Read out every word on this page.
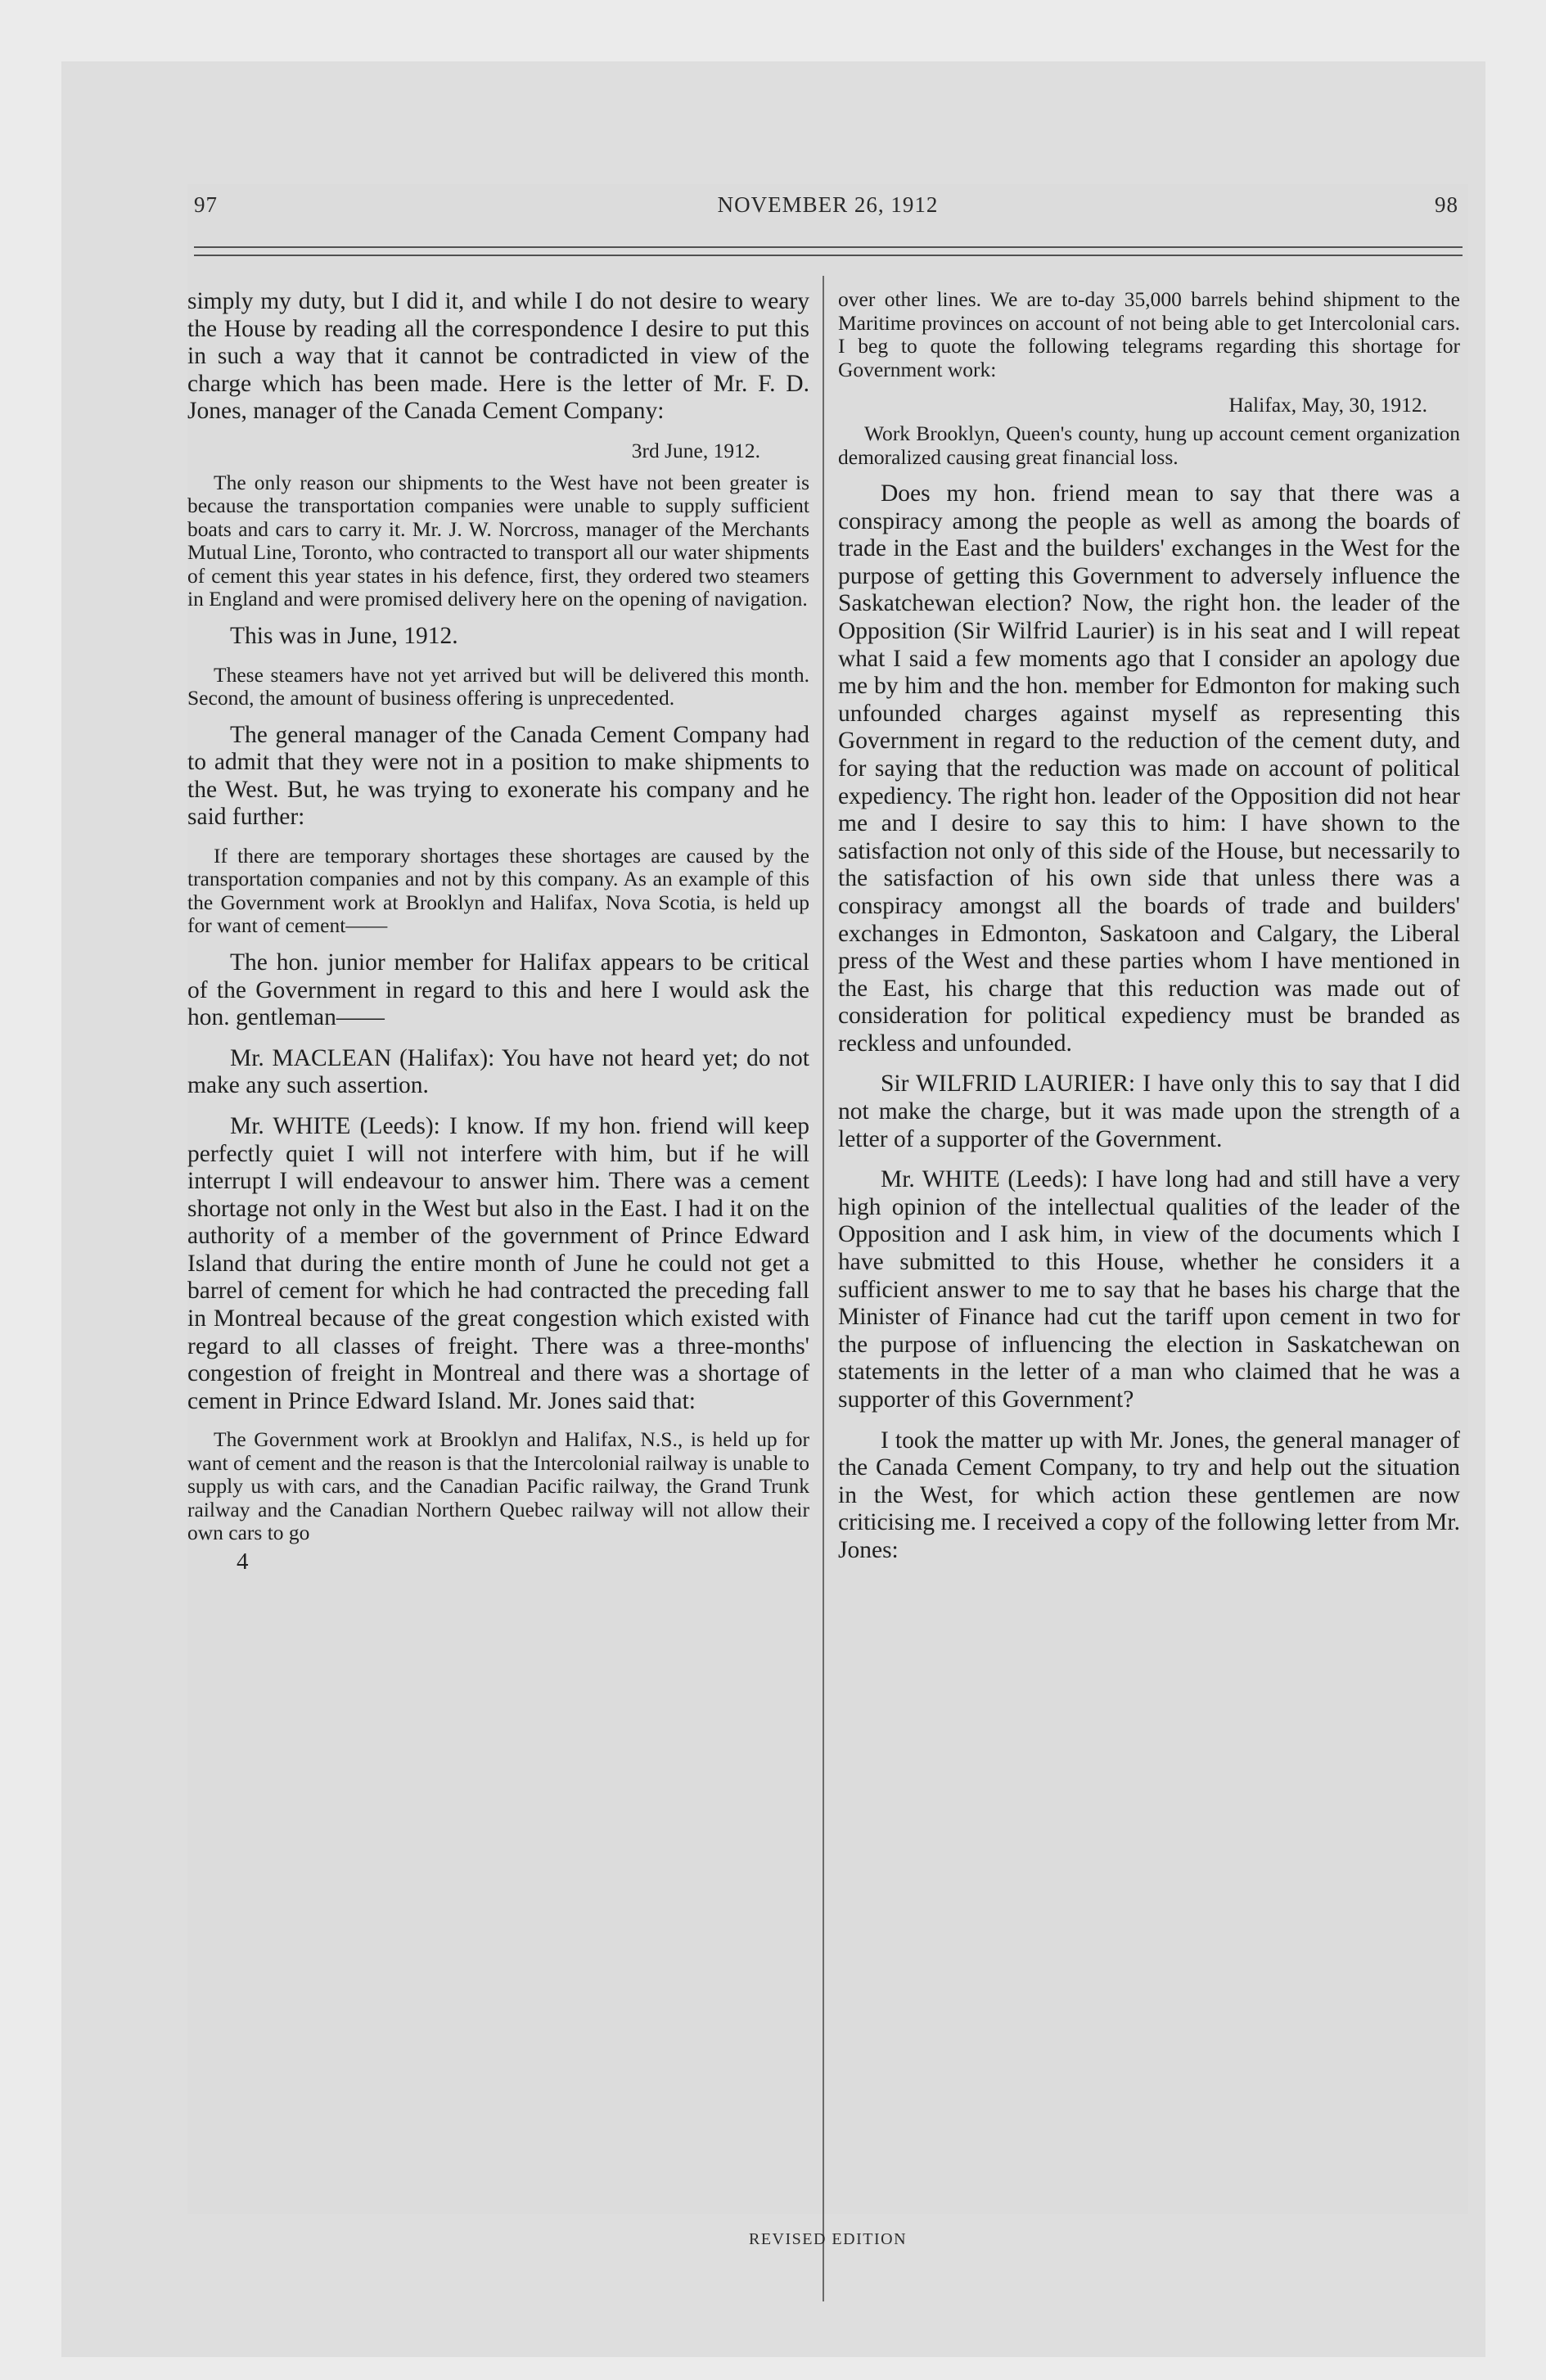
97	NOVEMBER 26, 1912	98

simply my duty, but I did it, and while I do not desire to weary the House by reading all the correspondence I desire to put this in such a way that it cannot be contradicted in view of the charge which has been made. Here is the letter of Mr. F. D. Jones, manager of the Canada Cement Company:

3rd June, 1912.

The only reason our shipments to the West have not been greater is because the transportation companies were unable to supply sufficient boats and cars to carry it. Mr. J. W. Norcross, manager of the Merchants Mutual Line, Toronto, who contracted to transport all our water shipments of cement this year states in his defence, first, they ordered two steamers in England and were promised delivery here on the opening of navigation.

This was in June, 1912.

These steamers have not yet arrived but will be delivered this month. Second, the amount of business offering is unprecedented.

The general manager of the Canada Cement Company had to admit that they were not in a position to make shipments to the West. But, he was trying to exonerate his company and he said further:

If there are temporary shortages these shortages are caused by the transportation companies and not by this company. As an example of this the Government work at Brooklyn and Halifax, Nova Scotia, is held up for want of cement——

The hon. junior member for Halifax appears to be critical of the Government in regard to this and here I would ask the hon. gentleman——

Mr. MACLEAN (Halifax): You have not heard yet; do not make any such assertion.

Mr. WHITE (Leeds): I know. If my hon. friend will keep perfectly quiet I will not interfere with him, but if he will interrupt I will endeavour to answer him. There was a cement shortage not only in the West but also in the East. I had it on the authority of a member of the government of Prince Edward Island that during the entire month of June he could not get a barrel of cement for which he had contracted the preceding fall in Montreal because of the great congestion which existed with regard to all classes of freight. There was a three-months' congestion of freight in Montreal and there was a shortage of cement in Prince Edward Island. Mr. Jones said that:

The Government work at Brooklyn and Halifax, N.S., is held up for want of cement and the reason is that the Intercolonial railway is unable to supply us with cars, and the Canadian Pacific railway, the Grand Trunk railway and the Canadian Northern Quebec railway will not allow their own cars to go

4

over other lines. We are to-day 35,000 barrels behind shipment to the Maritime provinces on account of not being able to get Intercolonial cars. I beg to quote the following telegrams regarding this shortage for Government work:

Halifax, May, 30, 1912.

Work Brooklyn, Queen's county, hung up account cement organization demoralized causing great financial loss.

Does my hon. friend mean to say that there was a conspiracy among the people as well as among the boards of trade in the East and the builders' exchanges in the West for the purpose of getting this Government to adversely influence the Saskatchewan election? Now, the right hon. the leader of the Opposition (Sir Wilfrid Laurier) is in his seat and I will repeat what I said a few moments ago that I consider an apology due me by him and the hon. member for Edmonton for making such unfounded charges against myself as representing this Government in regard to the reduction of the cement duty, and for saying that the reduction was made on account of political expediency. The right hon. leader of the Opposition did not hear me and I desire to say this to him: I have shown to the satisfaction not only of this side of the House, but necessarily to the satisfaction of his own side that unless there was a conspiracy amongst all the boards of trade and builders' exchanges in Edmonton, Saskatoon and Calgary, the Liberal press of the West and these parties whom I have mentioned in the East, his charge that this reduction was made out of consideration for political expediency must be branded as reckless and unfounded.

Sir WILFRID LAURIER: I have only this to say that I did not make the charge, but it was made upon the strength of a letter of a supporter of the Government.

Mr. WHITE (Leeds): I have long had and still have a very high opinion of the intellectual qualities of the leader of the Opposition and I ask him, in view of the documents which I have submitted to this House, whether he considers it a sufficient answer to me to say that he bases his charge that the Minister of Finance had cut the tariff upon cement in two for the purpose of influencing the election in Saskatchewan on statements in the letter of a man who claimed that he was a supporter of this Government?

I took the matter up with Mr. Jones, the general manager of the Canada Cement Company, to try and help out the situation in the West, for which action these gentlemen are now criticising me. I received a copy of the following letter from Mr. Jones:

REVISED EDITION
